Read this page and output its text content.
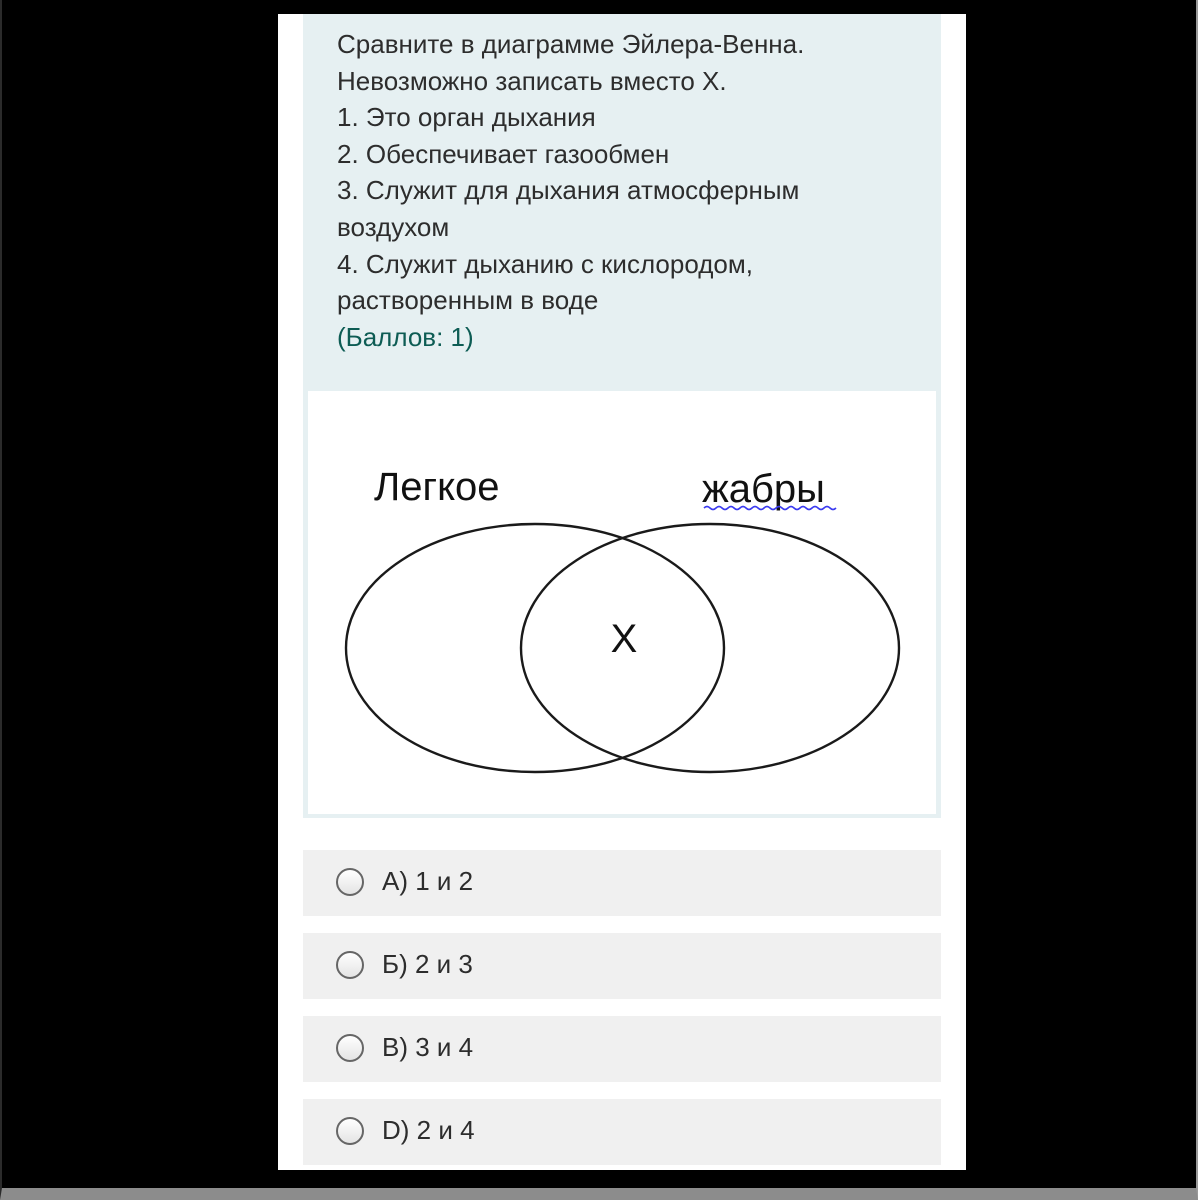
Сравните в диаграмме Эйлера-Венна.
Невозможно записать вместо Х.
1. Это орган дыхания
2. Обеспечивает газообмен
3. Служит для дыхания атмосферным
воздухом
4. Служит дыханию с кислородом,
растворенным в воде
(Баллов: 1)
Легкое	жабры
Х
А) 1 и 2
Б) 2 и 3
В) 3 и 4
D) 2 и 4
